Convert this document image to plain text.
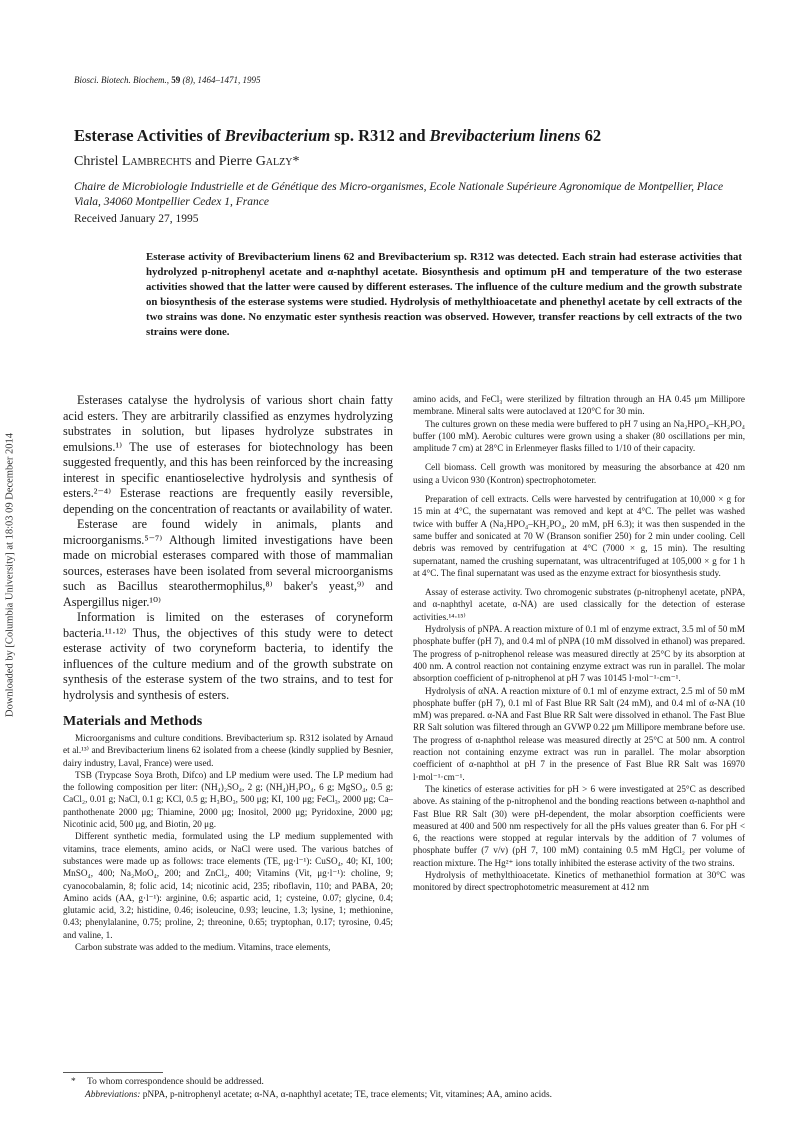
Biosci. Biotech. Biochem., 59 (8), 1464–1471, 1995
Esterase Activities of Brevibacterium sp. R312 and Brevibacterium linens 62
Christel Lambrechts and Pierre Galzy*
Chaire de Microbiologie Industrielle et de Génétique des Micro-organismes, Ecole Nationale Supérieure Agronomique de Montpellier, Place Viala, 34060 Montpellier Cedex 1, France
Received January 27, 1995
Esterase activity of Brevibacterium linens 62 and Brevibacterium sp. R312 was detected. Each strain had esterase activities that hydrolyzed p-nitrophenyl acetate and α-naphthyl acetate. Biosynthesis and optimum pH and temperature of the two esterase activities showed that the latter were caused by different esterases. The influence of the culture medium and the growth substrate on biosynthesis of the esterase systems were studied. Hydrolysis of methylthioacetate and phenethyl acetate by cell extracts of the two strains was done. No enzymatic ester synthesis reaction was observed. However, transfer reactions by cell extracts of the two strains were done.
Downloaded by [Columbia University] at 18:03 09 December 2014

Esterases catalyse the hydrolysis of various short chain fatty acid esters. They are arbitrarily classified as enzymes hydrolyzing substrates in solution, but lipases hydrolyze substrates in emulsions.¹⁾ The use of esterases for biotechnology has been suggested frequently, and this has been reinforced by the increasing interest in specific enantioselective hydrolysis and synthesis of esters.²⁻⁴⁾ Esterase reactions are frequently easily reversible, depending on the concentration of reactants or availability of water.

Esterase are found widely in animals, plants and microorganisms.⁵⁻⁷⁾ Although limited investigations have been made on microbial esterases compared with those of mammalian sources, esterases have been isolated from several microorganisms such as Bacillus stearothermophilus,⁸⁾ baker's yeast,⁹⁾ and Aspergillus niger.¹⁰⁾

Information is limited on the esterases of coryneform bacteria.¹¹·¹²⁾ Thus, the objectives of this study were to detect esterase activity of two coryneform bacteria, to identify the influences of the culture medium and of the growth substrate on synthesis of the esterase system of the two strains, and to test for hydrolysis and synthesis of esters.

Materials and Methods

Microorganisms and culture conditions. Brevibacterium sp. R312 isolated by Arnaud et al.¹³⁾ and Brevibacterium linens 62 isolated from a cheese (kindly supplied by Besnier, dairy industry, Laval, France) were used.

TSB (Trypcase Soya Broth, Difco) and LP medium were used. The LP medium had the following composition per liter: (NH₄)₂SO₄, 2 g; (NH₄)H₂PO₄, 6 g; MgSO₄, 0.5 g; CaCl₂, 0.01 g; NaCl, 0.1 g; KCl, 0.5 g; H₃BO₃, 500 μg; KI, 100 μg; FeCl₃, 2000 μg; Ca–panthothenate 2000 μg; Thiamine, 2000 μg; Inositol, 2000 μg; Pyridoxine, 2000 μg; Nicotinic acid, 500 μg, and Biotin, 20 μg.

Different synthetic media, formulated using the LP medium supplemented with vitamins, trace elements, amino acids, or NaCl were used. The various batches of substances were made up as follows: trace elements (TE, μg·l⁻¹): CuSO₄, 40; KI, 100; MnSO₄, 400; Na₂MoO₄, 200; and ZnCl₂, 400; Vitamins (Vit, μg·l⁻¹): choline, 9; cyanocobalamin, 8; folic acid, 14; nicotinic acid, 235; riboflavin, 110; and PABA, 20; Amino acids (AA, g·l⁻¹): arginine, 0.6; aspartic acid, 1; cysteine, 0.07; glycine, 0.4; glutamic acid, 3.2; histidine, 0.46; isoleucine, 0.93; leucine, 1.3; lysine, 1; methionine, 0.43; phenylalanine, 0.75; proline, 2; threonine, 0.65; tryptophan, 0.17; tyrosine, 0.45; and valine, 1.

Carbon substrate was added to the medium. Vitamins, trace elements,

amino acids, and FeCl₃ were sterilized by filtration through an HA 0.45 μm Millipore membrane. Mineral salts were autoclaved at 120°C for 30 min.

The cultures grown on these media were buffered to pH 7 using an Na₂HPO₄–KH₂PO₄ buffer (100 mM). Aerobic cultures were grown using a shaker (80 oscillations per min, amplitude 7 cm) at 28°C in Erlenmeyer flasks filled to 1/10 of their capacity.

Cell biomass. Cell growth was monitored by measuring the absorbance at 420 nm using a Uvicon 930 (Kontron) spectrophotometer.

Preparation of cell extracts. Cells were harvested by centrifugation at 10,000 × g for 15 min at 4°C, the supernatant was removed and kept at 4°C. The pellet was washed twice with buffer A (Na₂HPO₄–KH₂PO₄, 20 mM, pH 6.3); it was then suspended in the same buffer and sonicated at 70 W (Branson sonifier 250) for 2 min under cooling. Cell debris was removed by centrifugation at 4°C (7000 × g, 15 min). The resulting supernatant, named the crushing supernatant, was ultracentrifuged at 105,000 × g for 1 h at 4°C. The final supernatant was used as the enzyme extract for biosynthesis study.

Assay of esterase activity. Two chromogenic substrates (p-nitrophenyl acetate, pNPA, and α-naphthyl acetate, α-NA) are used classically for the detection of esterase activities.¹⁴·¹⁵⁾

Hydrolysis of pNPA. A reaction mixture of 0.1 ml of enzyme extract, 3.5 ml of 50 mM phosphate buffer (pH 7), and 0.4 ml of pNPA (10 mM dissolved in ethanol) was prepared. The progress of p-nitrophenol release was measured directly at 25°C by its absorption at 400 nm. A control reaction not containing enzyme extract was run in parallel. The molar absorption coefficient of p-nitrophenol at pH 7 was 10145 l·mol⁻¹·cm⁻¹.

Hydrolysis of αNA. A reaction mixture of 0.1 ml of enzyme extract, 2.5 ml of 50 mM phosphate buffer (pH 7), 0.1 ml of Fast Blue RR Salt (24 mM), and 0.4 ml of α-NA (10 mM) was prepared. α-NA and Fast Blue RR Salt were dissolved in ethanol. The Fast Blue RR Salt solution was filtered through an GVWP 0.22 μm Millipore membrane before use. The progress of α-naphthol release was measured directly at 25°C at 500 nm. A control reaction not containing enzyme extract was run in parallel. The molar absorption coefficient of α-naphthol at pH 7 in the presence of Fast Blue RR Salt was 16970 l·mol⁻¹·cm⁻¹.

The kinetics of esterase activities for pH > 6 were investigated at 25°C as described above. As staining of the p-nitrophenol and the bonding reactions between α-naphthol and Fast Blue RR Salt (30) were pH-dependent, the molar absorption coefficients were measured at 400 and 500 nm respectively for all the pHs values greater than 6. For pH < 6, the reactions were stopped at regular intervals by the addition of 7 volumes of phosphate buffer (7 v/v) (pH 7, 100 mM) containing 0.5 mM HgCl₂ per volume of reaction mixture. The Hg²⁺ ions totally inhibited the esterase activity of the two strains.

Hydrolysis of methylthioacetate. Kinetics of methanethiol formation at 30°C was monitored by direct spectrophotometric measurement at 412 nm

* To whom correspondence should be addressed.

Abbreviations: pNPA, p-nitrophenyl acetate; α-NA, α-naphthyl acetate; TE, trace elements; Vit, vitamines; AA, amino acids.
